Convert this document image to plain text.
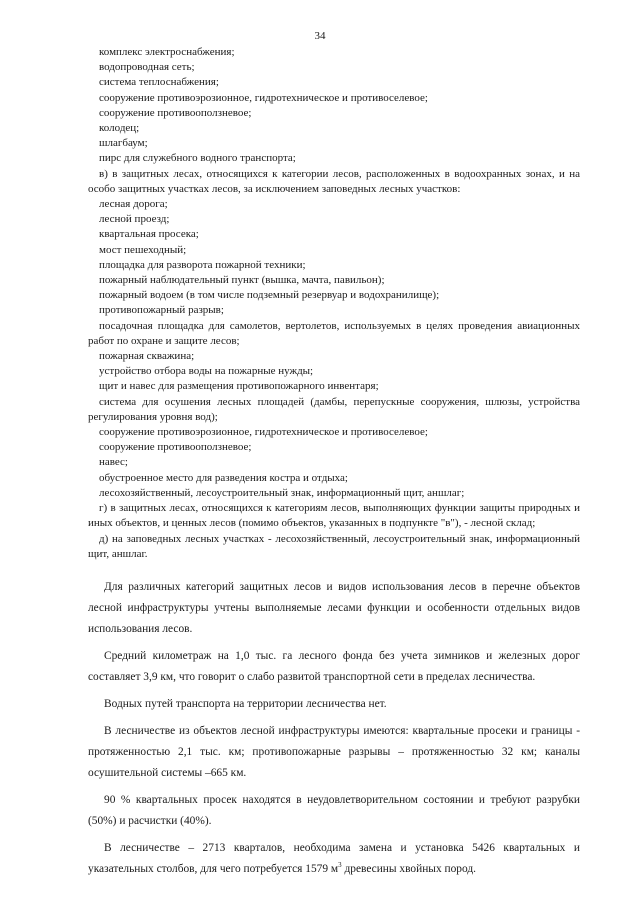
34

комплекс электроснабжения;

водопроводная сеть;

система теплоснабжения;

сооружение противоэрозионное, гидротехническое и противоселевое;

сооружение противооползневое;

колодец;

шлагбаум;

пирс для служебного водного транспорта;

в) в защитных лесах, относящихся к категории лесов, расположенных в водоохранных зонах, и на особо защитных участках лесов, за исключением заповедных лесных участков:

лесная дорога;

лесной проезд;

квартальная просека;

мост пешеходный;

площадка для разворота пожарной техники;

пожарный наблюдательный пункт (вышка, мачта, павильон);

пожарный водоем (в том числе подземный резервуар и водохранилище);

противопожарный разрыв;

посадочная площадка для самолетов, вертолетов, используемых в целях проведения авиационных работ по охране и защите лесов;

пожарная скважина;

устройство отбора воды на пожарные нужды;

щит и навес для размещения противопожарного инвентаря;

система для осушения лесных площадей (дамбы, перепускные сооружения, шлюзы, устройства регулирования уровня вод);

сооружение противоэрозионное, гидротехническое и противоселевое;

сооружение противооползневое;

навес;

обустроенное место для разведения костра и отдыха;

лесохозяйственный, лесоустроительный знак, информационный щит, аншлаг;

г) в защитных лесах, относящихся к категориям лесов, выполняющих функции защиты природных и иных объектов, и ценных лесов (помимо объектов, указанных в подпункте "в"), - лесной склад;

д) на заповедных лесных участках - лесохозяйственный, лесоустроительный знак, информационный щит, аншлаг.

Для различных категорий защитных лесов и видов использования лесов в перечне объектов лесной инфраструктуры учтены выполняемые лесами функции и особенности отдельных видов использования лесов.

Средний километраж на 1,0 тыс. га лесного фонда без учета зимников и железных дорог составляет 3,9 км, что говорит о слабо развитой транспортной сети в пределах лесничества.

Водных путей транспорта на территории лесничества нет.

В лесничестве из объектов лесной инфраструктуры имеются: квартальные просеки и границы - протяженностью 2,1 тыс. км; противопожарные разрывы – протяженностью 32 км; каналы осушительной системы –665 км.

90 % квартальных просек находятся в неудовлетворительном состоянии и требуют разрубки (50%) и расчистки (40%).

В лесничестве – 2713 кварталов, необходима замена и установка 5426 квартальных и указательных столбов, для чего потребуется 1579 $м^3$ древесины хвойных пород.
